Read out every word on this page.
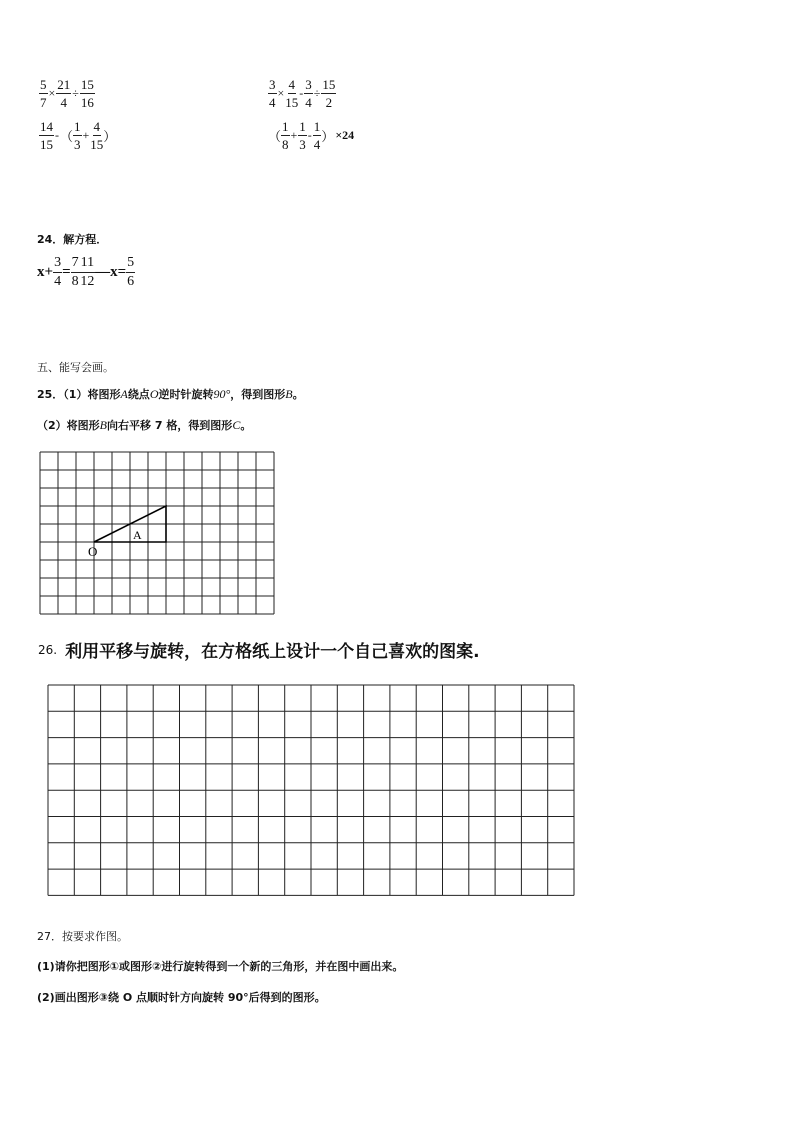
$\frac{5}{7} \times \frac{21}{4} \div \frac{15}{16}$	$\frac{3}{4} \times \frac{4}{15} - \frac{3}{4} \div \frac{15}{2}$
$\frac{14}{15}$ - （ $\frac{1}{3} + \frac{4}{15}$ ）	（ $\frac{1}{8} + \frac{1}{3} - \frac{1}{4}$ ） ×24
24．解方程．
$x + \frac{3}{4} = \frac{7}{8} \frac{11}{12}$ — $x = \frac{5}{6}$
五、能写会画。
25．（1）将图形A绕点O逆时针旋转90°，得到图形B。
（2）将图形B向右平移 7 格，得到图形C。
A
O
26. 利用平移与旋转，在方格纸上设计一个自己喜欢的图案.
27．按要求作图。
(1)请你把图形①或图形②进行旋转得到一个新的三角形，并在图中画出来。
(2)画出图形③绕 O 点顺时针方向旋转 90°后得到的图形。
